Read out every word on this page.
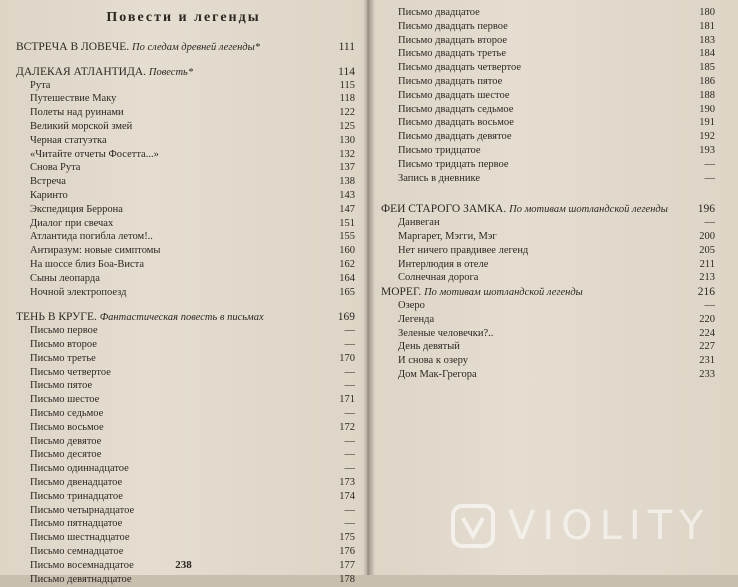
Повести и легенды
ВСТРЕЧА В ЛОВЕЧЕ. По следам древней легенды*	111
ДАЛЕКАЯ АТЛАНТИДА. Повесть*	114
Рута	115
Путешествие Маку	118
Полеты над руинами	122
Великий морской змей	125
Черная статуэтка	130
«Читайте отчеты Фосетта...»	132
Снова Рута	137
Встреча	138
Каринто	143
Экспедиция Беррона	147
Диалог при свечах	151
Атлантида погибла летом!..	155
Антиразум: новые симптомы	160
На шоссе близ Боа-Виста	162
Сыны леопарда	164
Ночной электропоезд	165
ТЕНЬ В КРУГЕ. Фантастическая повесть в письмах	169
Письмо первое	—
Письмо второе	—
Письмо третье	170
Письмо четвертое	—
Письмо пятое	—
Письмо шестое	171
Письмо седьмое	—
Письмо восьмое	172
Письмо девятое	—
Письмо десятое	—
Письмо одиннадцатое	—
Письмо двенадцатое	173
Письмо тринадцатое	174
Письмо четырнадцатое	—
Письмо пятнадцатое	—
Письмо шестнадцатое	175
Письмо семнадцатое	176
Письмо восемнадцатое	177
Письмо девятнадцатое	178
238
Письмо двадцатое	180
Письмо двадцать первое	181
Письмо двадцать второе	183
Письмо двадцать третье	184
Письмо двадцать четвертое	185
Письмо двадцать пятое	186
Письмо двадцать шестое	188
Письмо двадцать седьмое	190
Письмо двадцать восьмое	191
Письмо двадцать девятое	192
Письмо тридцатое	193
Письмо тридцать первое	—
Запись в дневнике	—
ФЕИ СТАРОГО ЗАМКА. По мотивам шотландской легенды	196
Данвеган	—
Маргарет, Мэгги, Мэг	200
Нет ничего правдивее легенд	205
Интерлюдия в отеле	211
Солнечная дорога	213
МОРЕГ. По мотивам шотландской легенды	216
Озеро	—
Легенда	220
Зеленые человечки?..	224
День девятый	227
И снова к озеру	231
Дом Мак-Грегора	233
VIOLITY
